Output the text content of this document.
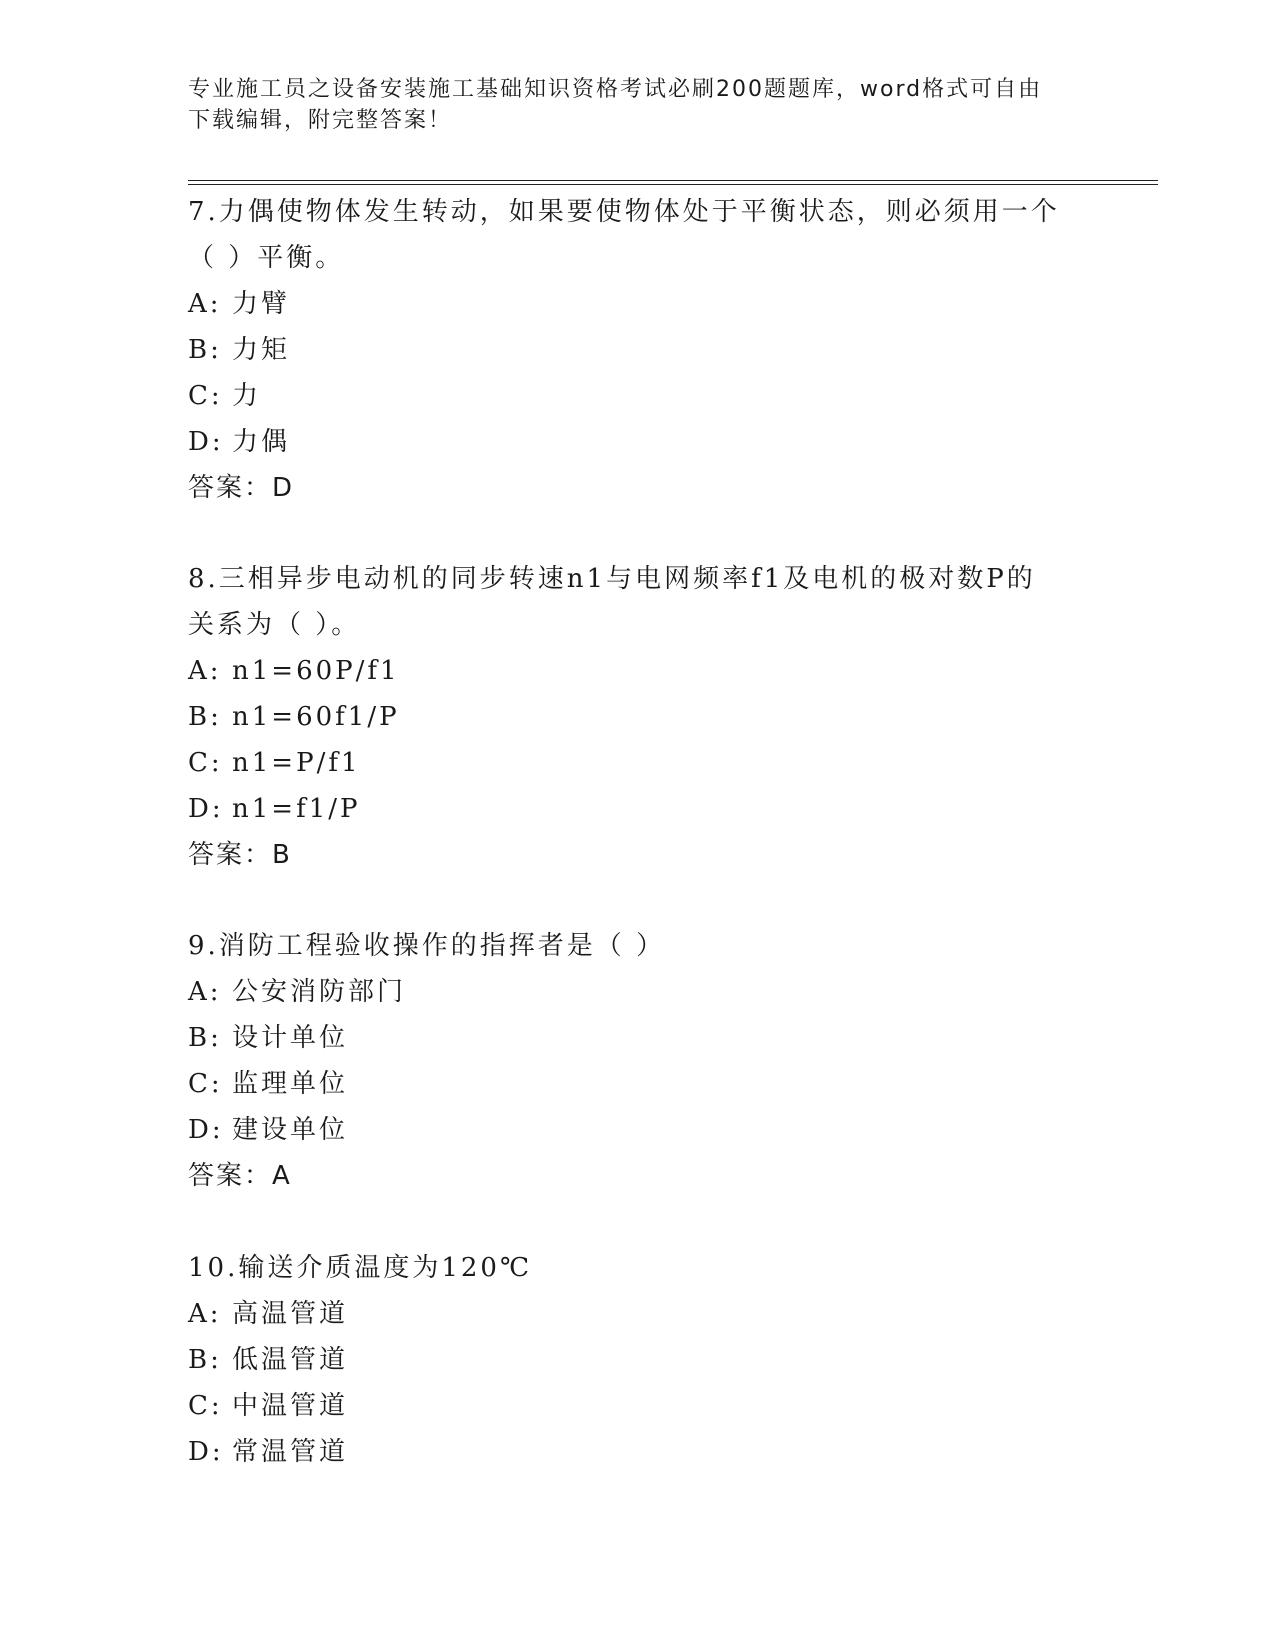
专业施工员之设备安装施工基础知识资格考试必刷200题题库，word格式可自由
下载编辑，附完整答案！
7.力偶使物体发生转动，如果要使物体处于平衡状态，则必须用一个
（ ）平衡。
A: 力臂
B: 力矩
C: 力
D: 力偶
答案：D
8.三相异步电动机的同步转速n1与电网频率f1及电机的极对数P的
关系为（ ）。
A: n1=60P/f1
B: n1=60f1/P
C: n1=P/f1
D: n1=f1/P
答案：B
9.消防工程验收操作的指挥者是（ ）
A: 公安消防部门
B: 设计单位
C: 监理单位
D: 建设单位
答案：A
10.输送介质温度为120℃
A: 高温管道
B: 低温管道
C: 中温管道
D: 常温管道
